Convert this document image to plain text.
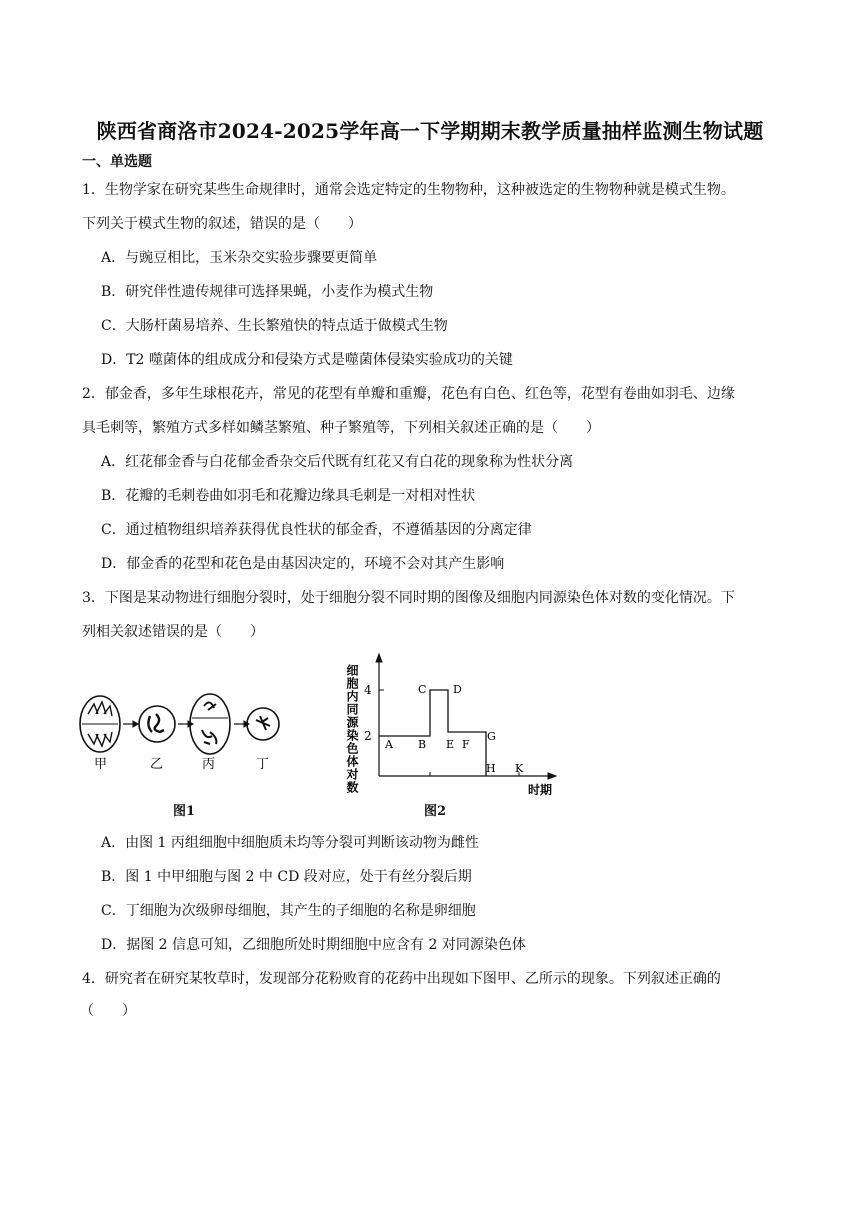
陕西省商洛市2024-2025学年高一下学期期末教学质量抽样监测生物试题
一、单选题
1．生物学家在研究某些生命规律时，通常会选定特定的生物物种，这种被选定的生物物种就是模式生物。
下列关于模式生物的叙述，错误的是（　　）
A．与豌豆相比，玉米杂交实验步骤要更简单
B．研究伴性遗传规律可选择果蝇，小麦作为模式生物
C．大肠杆菌易培养、生长繁殖快的特点适于做模式生物
D．T2 噬菌体的组成成分和侵染方式是噬菌体侵染实验成功的关键
2．郁金香，多年生球根花卉，常见的花型有单瓣和重瓣，花色有白色、红色等，花型有卷曲如羽毛、边缘
具毛刺等，繁殖方式多样如鳞茎繁殖、种子繁殖等，下列相关叙述正确的是（　　）
A．红花郁金香与白花郁金香杂交后代既有红花又有白花的现象称为性状分离
B．花瓣的毛刺卷曲如羽毛和花瓣边缘具毛刺是一对相对性状
C．通过植物组织培养获得优良性状的郁金香，不遵循基因的分离定律
D．郁金香的花型和花色是由基因决定的，环境不会对其产生影响
3．下图是某动物进行细胞分裂时，处于细胞分裂不同时期的图像及细胞内同源染色体对数的变化情况。下
列相关叙述错误的是（　　）
甲	乙	丙	丁
图1
细胞内同源染色体对数 4
2
A B
C D
E F
G
H K
时期
图2
A．由图 1 丙组细胞中细胞质未均等分裂可判断该动物为雌性
B．图 1 中甲细胞与图 2 中 CD 段对应，处于有丝分裂后期
C．丁细胞为次级卵母细胞，其产生的子细胞的名称是卵细胞
D．据图 2 信息可知，乙细胞所处时期细胞中应含有 2 对同源染色体
4．研究者在研究某牧草时，发现部分花粉败育的花药中出现如下图甲、乙所示的现象。下列叙述正确的
（　　）
